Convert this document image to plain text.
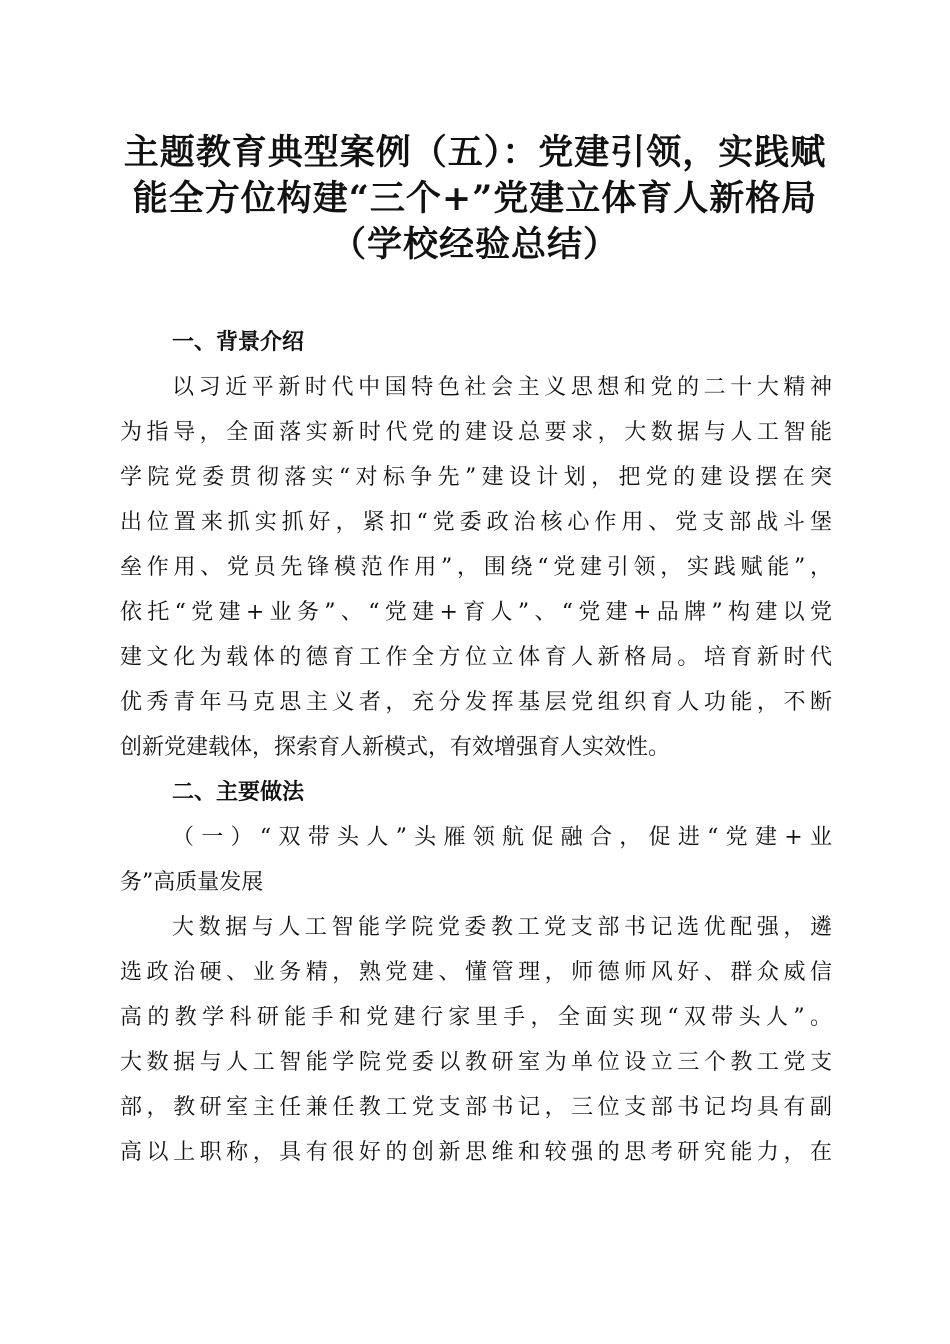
主题教育典型案例（五）：党建引领，实践赋
能全方位构建“三个+”党建立体育人新格局
（学校经验总结）
一、背景介绍
以习近平新时代中国特色社会主义思想和党的二十大精神
为指导，全面落实新时代党的建设总要求，大数据与人工智能
学院党委贯彻落实“对标争先”建设计划，把党的建设摆在突
出位置来抓实抓好，紧扣“党委政治核心作用、党支部战斗堡
垒作用、党员先锋模范作用”，围绕“党建引领，实践赋能”，
依托“党建+业务”、“党建+育人”、“党建+品牌”构建以党
建文化为载体的德育工作全方位立体育人新格局。培育新时代
优秀青年马克思主义者，充分发挥基层党组织育人功能，不断
创新党建载体，探索育人新模式，有效增强育人实效性。
二、主要做法
（一）“双带头人”头雁领航促融合，促进“党建+业
务”高质量发展
大数据与人工智能学院党委教工党支部书记选优配强，遴
选政治硬、业务精，熟党建、懂管理，师德师风好、群众威信
高的教学科研能手和党建行家里手，全面实现“双带头人”。
大数据与人工智能学院党委以教研室为单位设立三个教工党支
部，教研室主任兼任教工党支部书记，三位支部书记均具有副
高以上职称，具有很好的创新思维和较强的思考研究能力，在
